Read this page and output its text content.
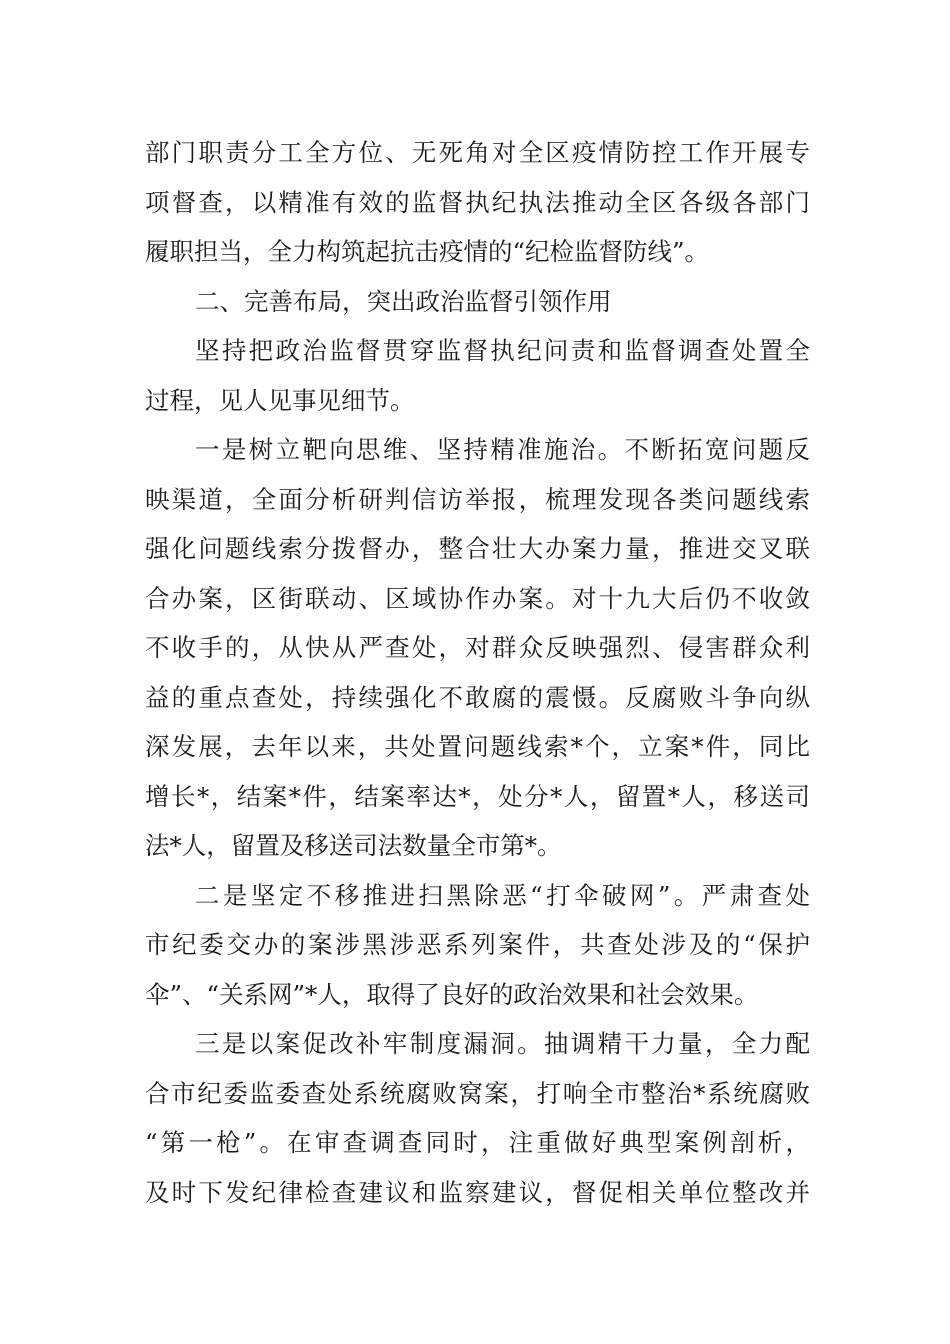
部门职责分工全方位、无死角对全区疫情防控工作开展专
项督查，以精准有效的监督执纪执法推动全区各级各部门
履职担当，全力构筑起抗击疫情的“纪检监督防线”。
二、完善布局，突出政治监督引领作用
坚持把政治监督贯穿监督执纪问责和监督调查处置全
过程，见人见事见细节。
一是树立靶向思维、坚持精准施治。不断拓宽问题反
映渠道，全面分析研判信访举报，梳理发现各类问题线索
强化问题线索分拨督办，整合壮大办案力量，推进交叉联
合办案，区街联动、区域协作办案。对十九大后仍不收敛
不收手的，从快从严查处，对群众反映强烈、侵害群众利
益的重点查处，持续强化不敢腐的震慑。反腐败斗争向纵
深发展，去年以来，共处置问题线索*个，立案*件，同比
增长*，结案*件，结案率达*，处分*人，留置*人，移送司
法*人，留置及移送司法数量全市第*。
二是坚定不移推进扫黑除恶“打伞破网”。严肃查处
市纪委交办的案涉黑涉恶系列案件，共查处涉及的“保护
伞”、“关系网”*人，取得了良好的政治效果和社会效果。
三是以案促改补牢制度漏洞。抽调精干力量，全力配
合市纪委监委查处系统腐败窝案，打响全市整治*系统腐败
“第一枪”。在审查调查同时，注重做好典型案例剖析，
及时下发纪律检查建议和监察建议，督促相关单位整改并
